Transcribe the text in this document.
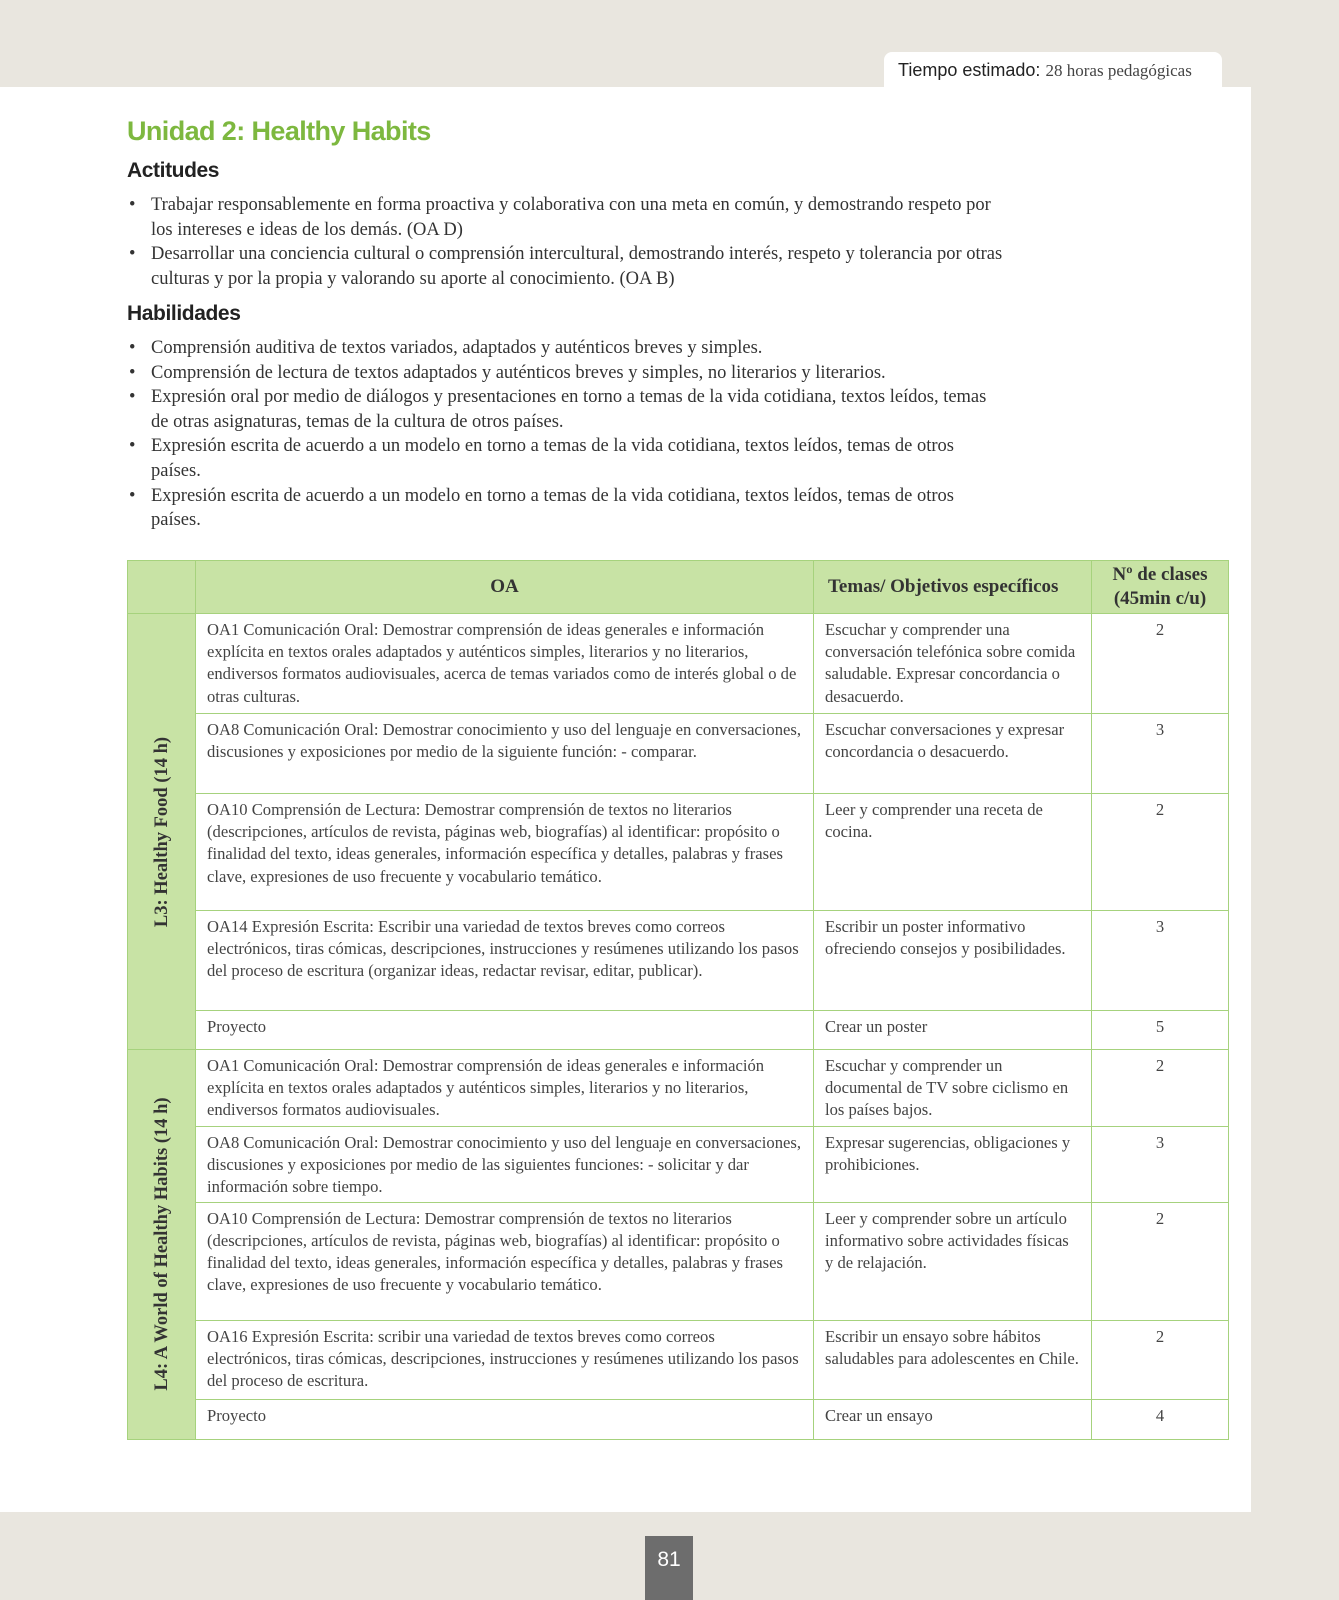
Tiempo estimado: 28 horas pedagógicas
Unidad 2: Healthy Habits
Actitudes
• Trabajar responsablemente en forma proactiva y colaborativa con una meta en común, y demostrando respeto por los intereses e ideas de los demás. (OA D)
• Desarrollar una conciencia cultural o comprensión intercultural, demostrando interés, respeto y tolerancia por otras culturas y por la propia y valorando su aporte al conocimiento. (OA B)
Habilidades
• Comprensión auditiva de textos variados, adaptados y auténticos breves y simples.
• Comprensión de lectura de textos adaptados y auténticos breves y simples, no literarios y literarios.
• Expresión oral por medio de diálogos y presentaciones en torno a temas de la vida cotidiana, textos leídos, temas de otras asignaturas, temas de la cultura de otros países.
• Expresión escrita de acuerdo a un modelo en torno a temas de la vida cotidiana, textos leídos, temas de otros países.
• Expresión escrita de acuerdo a un modelo en torno a temas de la vida cotidiana, textos leídos, temas de otros países.
	OA	Temas/ Objetivos específicos	Nº de clases
(45min c/u)

L3: Healthy Food (14 h)	OA1 Comunicación Oral: Demostrar comprensión de ideas generales e información explícita en textos orales adaptados y auténticos simples, literarios y no literarios, endiversos formatos audiovisuales, acerca de temas variados como de interés global o de otras culturas.	Escuchar y comprender una conversación telefónica sobre comida saludable. Expresar concordancia o desacuerdo.	2
	OA8 Comunicación Oral: Demostrar conocimiento y uso del lenguaje en conversaciones, discusiones y exposiciones por medio de la siguiente función: - comparar.	Escuchar conversaciones y expresar concordancia o desacuerdo.	3
	OA10 Comprensión de Lectura: Demostrar comprensión de textos no literarios (descripciones, artículos de revista, páginas web, biografías) al identificar: propósito o finalidad del texto, ideas generales, información específica y detalles, palabras y frases clave, expresiones de uso frecuente y vocabulario temático.	Leer y comprender una receta de cocina.	2
	OA14 Expresión Escrita: Escribir una variedad de textos breves como correos electrónicos, tiras cómicas, descripciones, instrucciones y resúmenes utilizando los pasos del proceso de escritura (organizar ideas, redactar revisar, editar, publicar).	Escribir un poster informativo ofreciendo consejos y posibilidades.	3
	Proyecto	Crear un poster	5

L4: A World of Healthy Habits (14 h)	OA1 Comunicación Oral: Demostrar comprensión de ideas generales e información explícita en textos orales adaptados y auténticos simples, literarios y no literarios, endiversos formatos audiovisuales.	Escuchar y comprender un documental de TV sobre ciclismo en los países bajos.	2
	OA8 Comunicación Oral: Demostrar conocimiento y uso del lenguaje en conversaciones, discusiones y exposiciones por medio de las siguientes funciones: - solicitar y dar información sobre tiempo.	Expresar sugerencias, obligaciones y prohibiciones.	3
	OA10 Comprensión de Lectura: Demostrar comprensión de textos no literarios (descripciones, artículos de revista, páginas web, biografías) al identificar: propósito o finalidad del texto, ideas generales, información específica y detalles, palabras y frases clave, expresiones de uso frecuente y vocabulario temático.	Leer y comprender sobre un artículo informativo sobre actividades físicas y de relajación.	2
	OA16 Expresión Escrita: scribir una variedad de textos breves como correos electrónicos, tiras cómicas, descripciones, instrucciones y resúmenes utilizando los pasos del proceso de escritura.	Escribir un ensayo sobre hábitos saludables para adolescentes en Chile.	2
	Proyecto	Crear un ensayo	4
81
